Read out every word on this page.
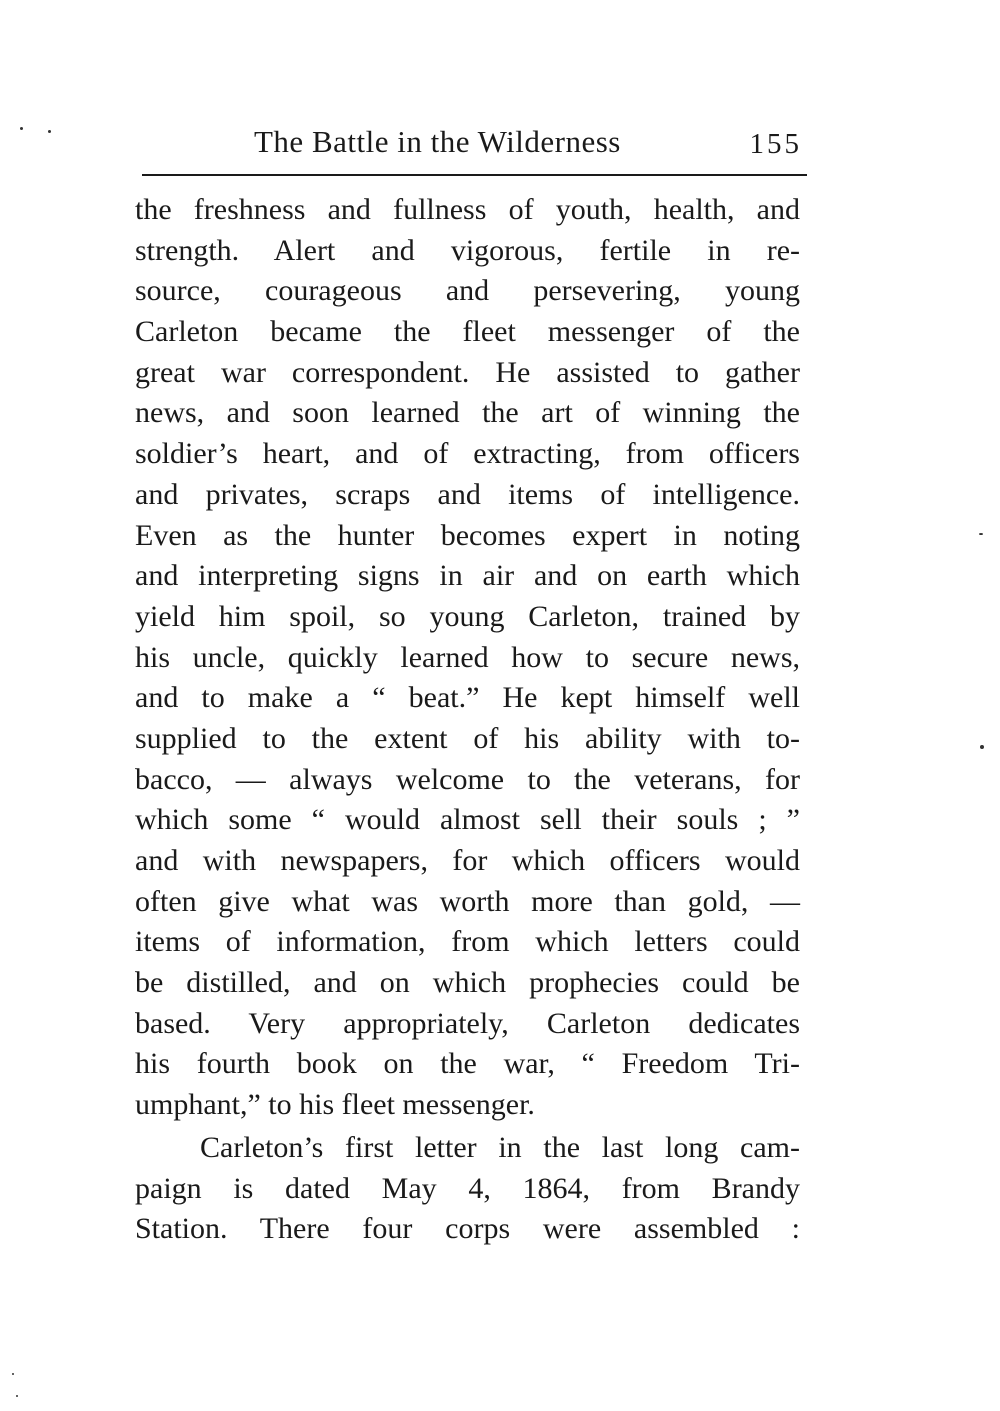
The Battle in the Wilderness	155
the freshness and fullness of youth, health, and
strength. Alert and vigorous, fertile in re-
source, courageous and persevering, young
Carleton became the fleet messenger of the
great war correspondent. He assisted to gather
news, and soon learned the art of winning the
soldier’s heart, and of extracting, from officers
and privates, scraps and items of intelligence.
Even as the hunter becomes expert in noting
and interpreting signs in air and on earth which
yield him spoil, so young Carleton, trained by
his uncle, quickly learned how to secure news,
and to make a “ beat.” He kept himself well
supplied to the extent of his ability with to-
bacco, — always welcome to the veterans, for
which some “ would almost sell their souls ; ”
and with newspapers, for which officers would
often give what was worth more than gold, —
items of information, from which letters could
be distilled, and on which prophecies could be
based. Very appropriately, Carleton dedicates
his fourth book on the war, “ Freedom Tri-
umphant,” to his fleet messenger.
Carleton’s first letter in the last long cam-
paign is dated May 4, 1864, from Brandy
Station. There four corps were assembled :
